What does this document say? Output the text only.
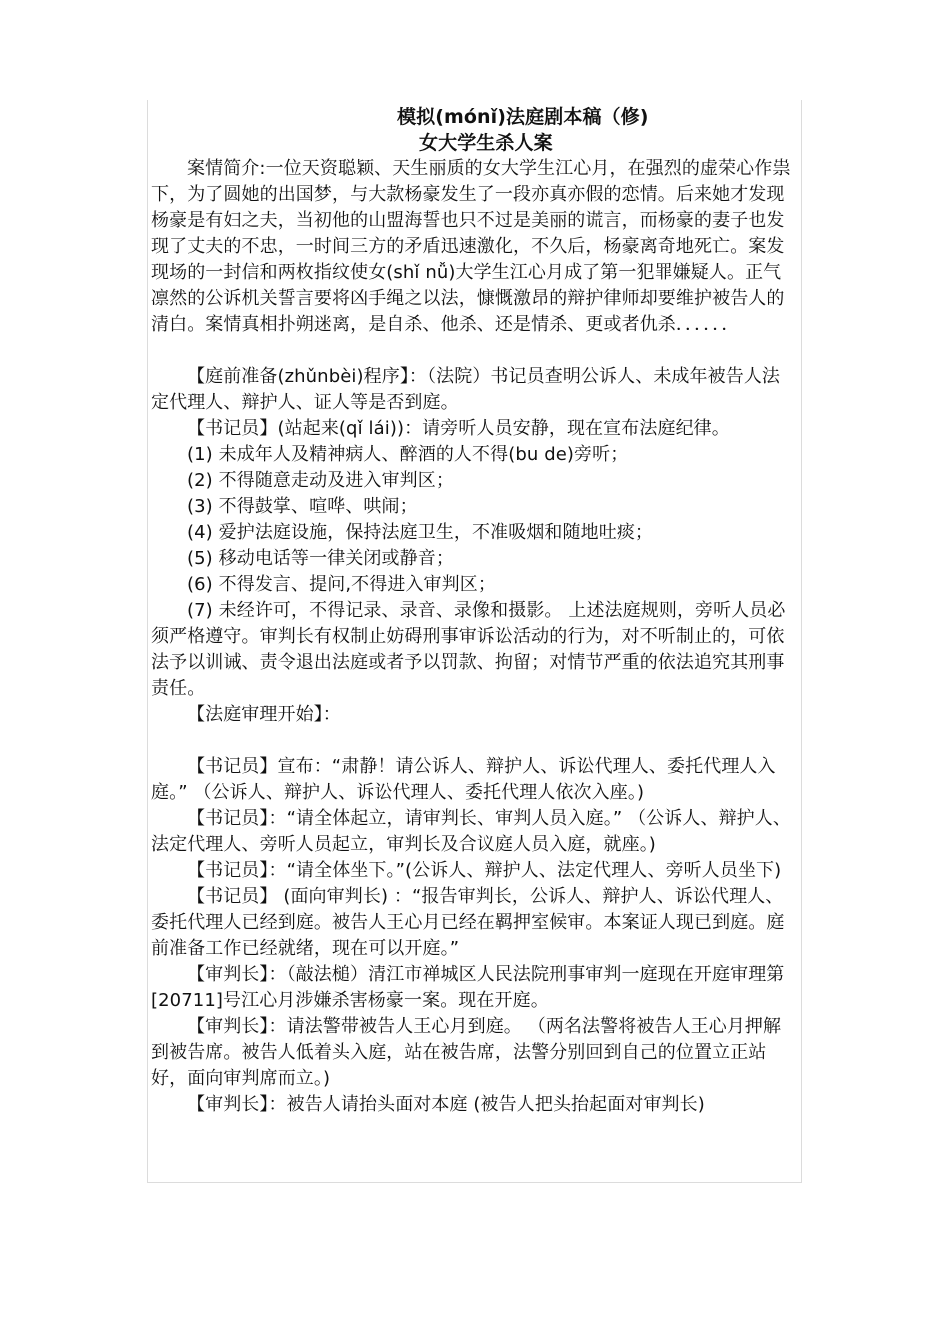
模拟(mónǐ)法庭剧本稿（修)
女大学生杀人案

案情简介:一位天资聪颖、天生丽质的女大学生江心月，在强烈的虚荣心作祟下，为了圆她的出国梦，与大款杨豪发生了一段亦真亦假的恋情。后来她才发现杨豪是有妇之夫，当初他的山盟海誓也只不过是美丽的谎言，而杨豪的妻子也发现了丈夫的不忠，一时间三方的矛盾迅速激化，不久后，杨豪离奇地死亡。案发现场的一封信和两枚指纹使女(shǐ nǚ)大学生江心月成了第一犯罪嫌疑人。正气凛然的公诉机关誓言要将凶手绳之以法，慷慨激昂的辩护律师却要维护被告人的清白。案情真相扑朔迷离，是自杀、他杀、还是情杀、更或者仇杀．．．．．．

【庭前准备(zhǔnbèi)程序】：（法院）书记员查明公诉人、未成年被告人法定代理人、辩护人、证人等是否到庭。

【书记员】(站起来(qǐ lái))：请旁听人员安静，现在宣布法庭纪律。

(1) 未成年人及精神病人、醉酒的人不得(bu de)旁听；

(2) 不得随意走动及进入审判区；

(3) 不得鼓掌、喧哗、哄闹；

(4) 爱护法庭设施，保持法庭卫生，不准吸烟和随地吐痰；

(5) 移动电话等一律关闭或静音；

(6) 不得发言、提问,不得进入审判区；

(7) 未经许可，不得记录、录音、录像和摄影。 上述法庭规则，旁听人员必须严格遵守。审判长有权制止妨碍刑事审诉讼活动的行为，对不听制止的，可依法予以训诫、责令退出法庭或者予以罚款、拘留；对情节严重的依法追究其刑事责任。

【法庭审理开始】：

【书记员】宣布：“肃静！请公诉人、辩护人、诉讼代理人、委托代理人入庭。” （公诉人、辩护人、诉讼代理人、委托代理人依次入座。)

【书记员】：“请全体起立，请审判长、审判人员入庭。” （公诉人、辩护人、法定代理人、旁听人员起立，审判长及合议庭人员入庭，就座。)

【书记员】：“请全体坐下。”(公诉人、辩护人、法定代理人、旁听人员坐下)

【书记员】 (面向审判长) ：“报告审判长，公诉人、辩护人、诉讼代理人、委托代理人已经到庭。被告人王心月已经在羁押室候审。本案证人现已到庭。庭前准备工作已经就绪，现在可以开庭。”

【审判长】：（敲法槌）清江市禅城区人民法院刑事审判一庭现在开庭审理第[20711]号江心月涉嫌杀害杨豪一案。现在开庭。

【审判长】：请法警带被告人王心月到庭。 （两名法警将被告人王心月押解到被告席。被告人低着头入庭，站在被告席，法警分别回到自己的位置立正站好，面向审判席而立。)

【审判长】：被告人请抬头面对本庭 (被告人把头抬起面对审判长)
